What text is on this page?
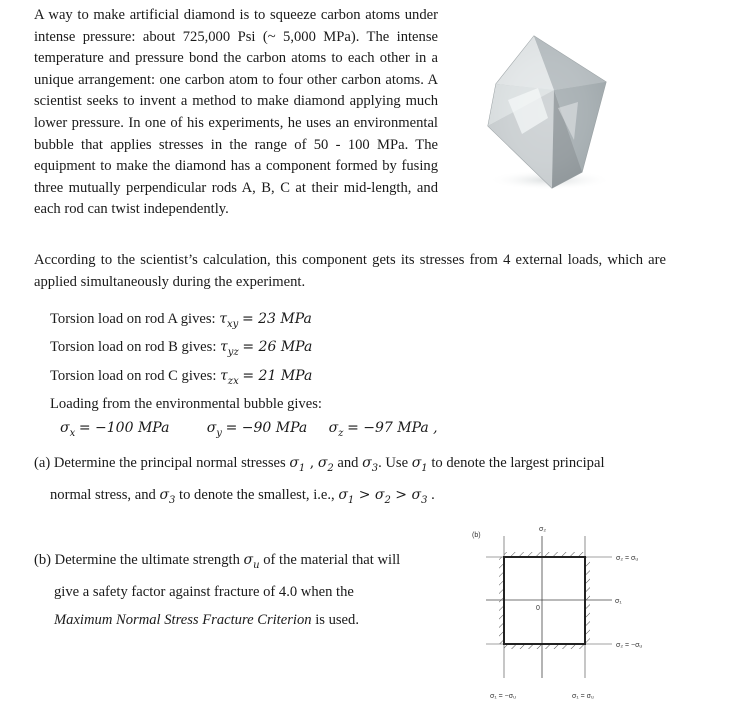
A way to make artificial diamond is to squeeze carbon atoms under intense pressure: about 725,000 Psi (~ 5,000 MPa). The intense temperature and pressure bond the carbon atoms to each other in a unique arrangement: one carbon atom to four other carbon atoms. A scientist seeks to invent a method to make diamond applying much lower pressure. In one of his experiments, he uses an environmental bubble that applies stresses in the range of 50 - 100 MPa. The equipment to make the diamond has a component formed by fusing three mutually perpendicular rods A, B, C at their mid-length, and each rod can twist independently.
According to the scientist’s calculation, this component gets its stresses from 4 external loads, which are applied simultaneously during the experiment.
Torsion load on rod A gives: $\tau_{xy} = 23$ MPa
Torsion load on rod B gives: $\tau_{yz} = 26$ MPa
Torsion load on rod C gives: $\tau_{zx} = 21$ MPa
Loading from the environmental bubble gives:
$\sigma_x = -100$ MPa	$\sigma_y = -90$ MPa $\sigma_z = -97$ MPa ,
(a) Determine the principal normal stresses $\sigma_1$ , $\sigma_2$ and $\sigma_3$. Use $\sigma_1$ to denote the largest principal
normal stress, and $\sigma_3$ to denote the smallest, i.e., $\sigma_1 > \sigma_2 > \sigma_3$ .
(b) Determine the ultimate strength $\sigma_u$ of the material that will
give a safety factor against fracture of 4.0 when the
Maximum Normal Stress Fracture Criterion is used.
(b)
σ₂
0
σ₁
σ₂ = σᵤ
σ₂ = −σᵤ
σ₁ = −σᵤ	σ₁ = σᵤ
